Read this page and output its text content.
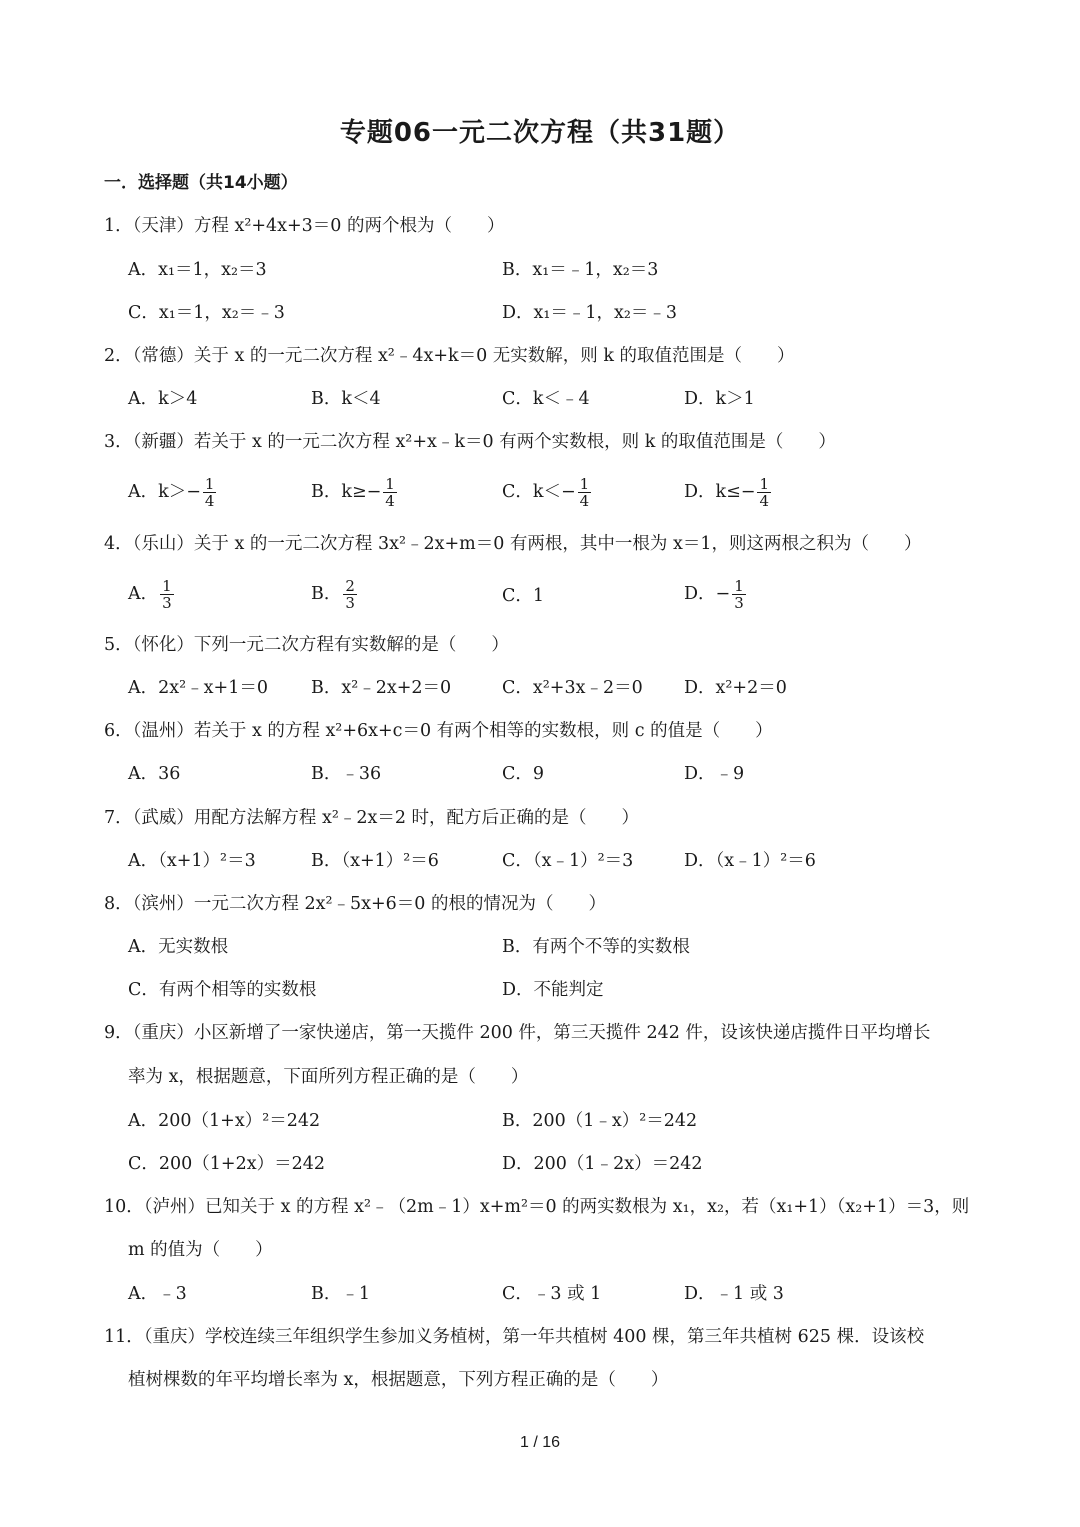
专题06一元二次方程（共31题）
一．选择题（共14小题）
1．（天津）方程 x²+4x+3＝0 的两个根为（　　）
A．x₁＝1，x₂＝3	B．x₁＝﹣1，x₂＝3
C．x₁＝1，x₂＝﹣3	D．x₁＝﹣1，x₂＝﹣3
2．（常德）关于 x 的一元二次方程 x²﹣4x+k＝0 无实数解，则 k 的取值范围是（　　）
A．k＞4	B．k＜4	C．k＜﹣4	D．k＞1
3．（新疆）若关于 x 的一元二次方程 x²+x﹣k＝0 有两个实数根，则 k 的取值范围是（　　）
A．$k>- \frac{1}{4}$	B．$k\ge- \frac{1}{4}$	C．$k<- \frac{1}{4}$	D．$k\le- \frac{1}{4}$
4．（乐山）关于 x 的一元二次方程 3x²﹣2x+m＝0 有两根，其中一根为 x＝1，则这两根之积为（　　）
A． $\frac{1}{3}$	B． $\frac{2}{3}$	C．1	D．− $\frac{1}{3}$
5．（怀化）下列一元二次方程有实数解的是（　　）
A．2x²﹣x+1＝0 B．x²﹣2x+2＝0	C．x²+3x﹣2＝0 D．x²+2＝0
6．（温州）若关于 x 的方程 x²+6x+c＝0 有两个相等的实数根，则 c 的值是（　　）
A．36	B．﹣36	C．9	D．﹣9
7．（武威）用配方法解方程 x²﹣2x＝2 时，配方后正确的是（　　）
A．（x+1）²＝3	B．（x+1）²＝6	C．（x﹣1）²＝3	D．（x﹣1）²＝6
8．（滨州）一元二次方程 2x²﹣5x+6＝0 的根的情况为（　　）
A．无实数根	B．有两个不等的实数根
C．有两个相等的实数根	D．不能判定
9．（重庆）小区新增了一家快递店，第一天揽件 200 件，第三天揽件 242 件，设该快递店揽件日平均增长
率为 x，根据题意，下面所列方程正确的是（　　）
A．200（1+x）²＝242	B．200（1﹣x）²＝242
C．200（1+2x）＝242	D．200（1﹣2x）＝242
10．（泸州）已知关于 x 的方程 x²﹣（2m﹣1）x+m²＝0 的两实数根为 x₁，x₂，若（x₁+1）（x₂+1）＝3，则
m 的值为（　　）
A．﹣3	B．﹣1	C．﹣3 或 1	D．﹣1 或 3
11．（重庆）学校连续三年组织学生参加义务植树，第一年共植树 400 棵，第三年共植树 625 棵．设该校
植树棵数的年平均增长率为 x，根据题意，下列方程正确的是（　　）
1 / 16
